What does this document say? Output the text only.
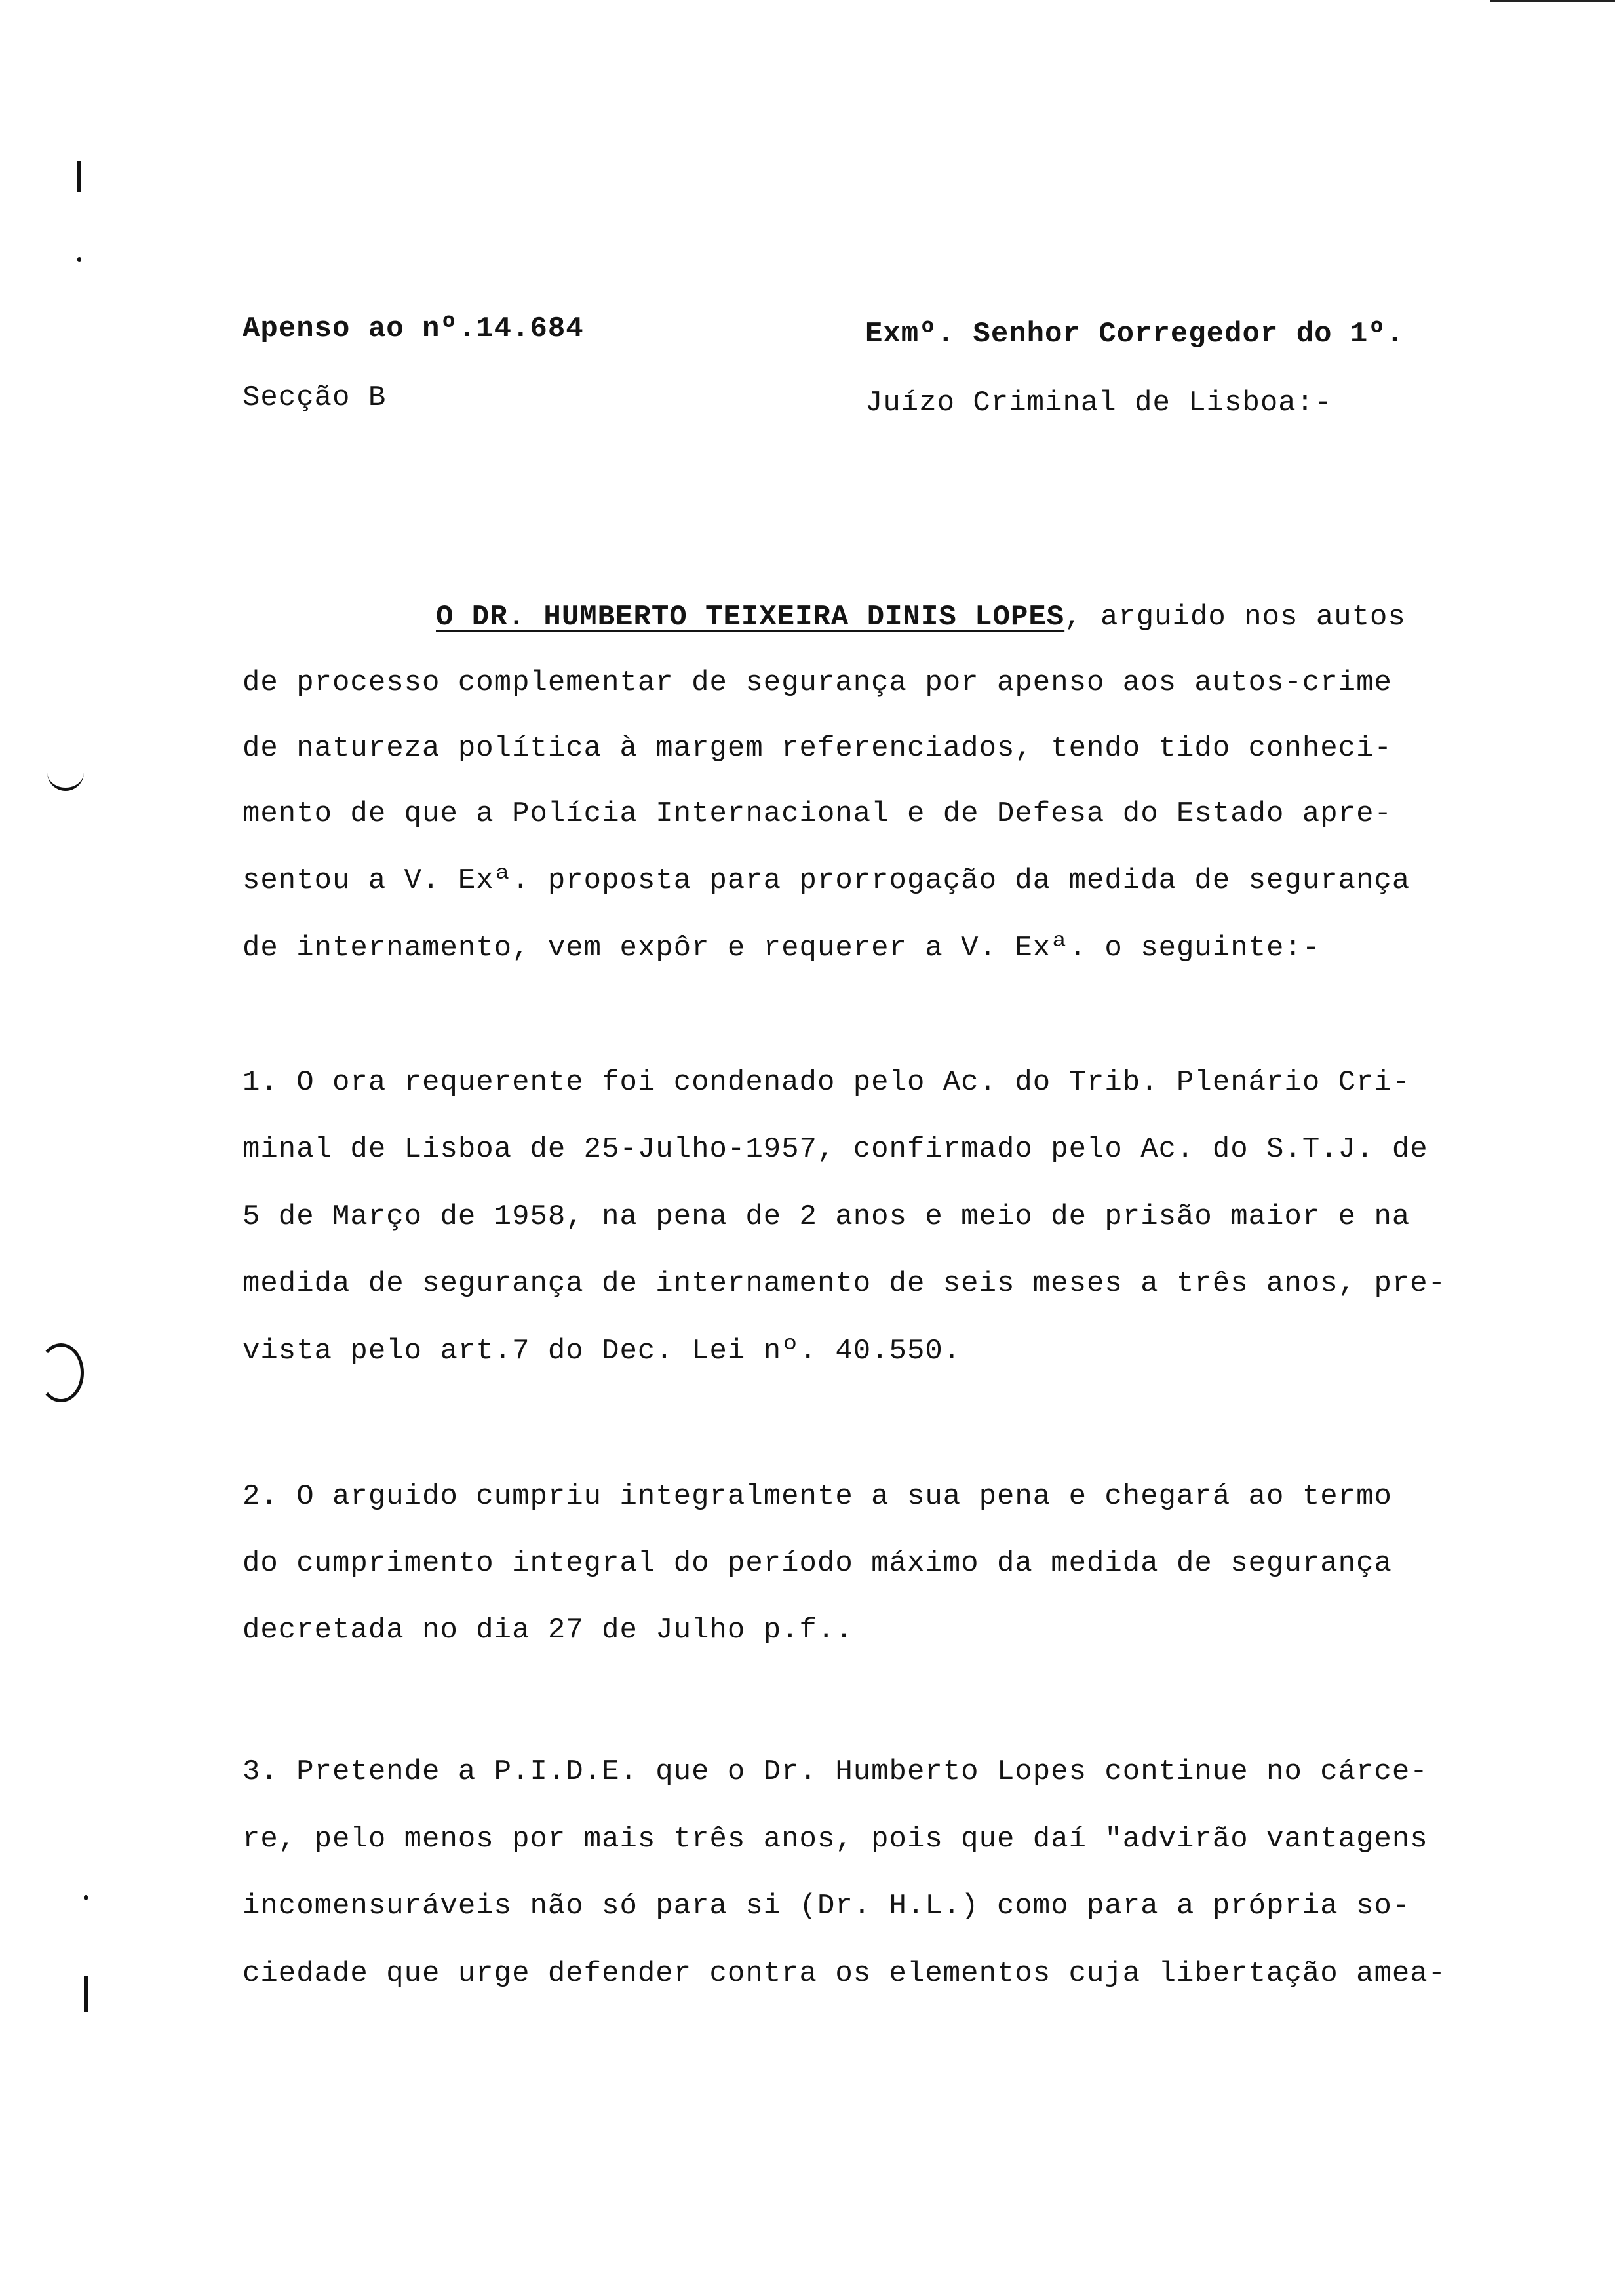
Apenso ao nº.14.684
Secção B
Exmº. Senhor Corregedor do 1º.
Juízo Criminal de Lisboa:-
O DR. HUMBERTO TEIXEIRA DINIS LOPES, arguido nos autos
de processo complementar de segurança por apenso aos autos-crime
de natureza política à margem referenciados, tendo tido conheci-
mento de que a Polícia Internacional e de Defesa do Estado apre-
sentou a V. Exª. proposta para prorrogação da medida de segurança
de internamento, vem expôr e requerer a V. Exª. o seguinte:-
1. O ora requerente foi condenado pelo Ac. do Trib. Plenário Cri-
minal de Lisboa de 25-Julho-1957, confirmado pelo Ac. do S.T.J. de
5 de Março de 1958, na pena de 2 anos e meio de prisão maior e na
medida de segurança de internamento de seis meses a três anos, pre-
vista pelo art.7 do Dec. Lei nº. 40.550.
2. O arguido cumpriu integralmente a sua pena e chegará ao termo
do cumprimento integral do período máximo da medida de segurança
decretada no dia 27 de Julho p.f..
3. Pretende a P.I.D.E. que o Dr. Humberto Lopes continue no cárce-
re, pelo menos por mais três anos, pois que daí "advirão vantagens
incomensuráveis não só para si (Dr. H.L.) como para a própria so-
ciedade que urge defender contra os elementos cuja libertação amea-
